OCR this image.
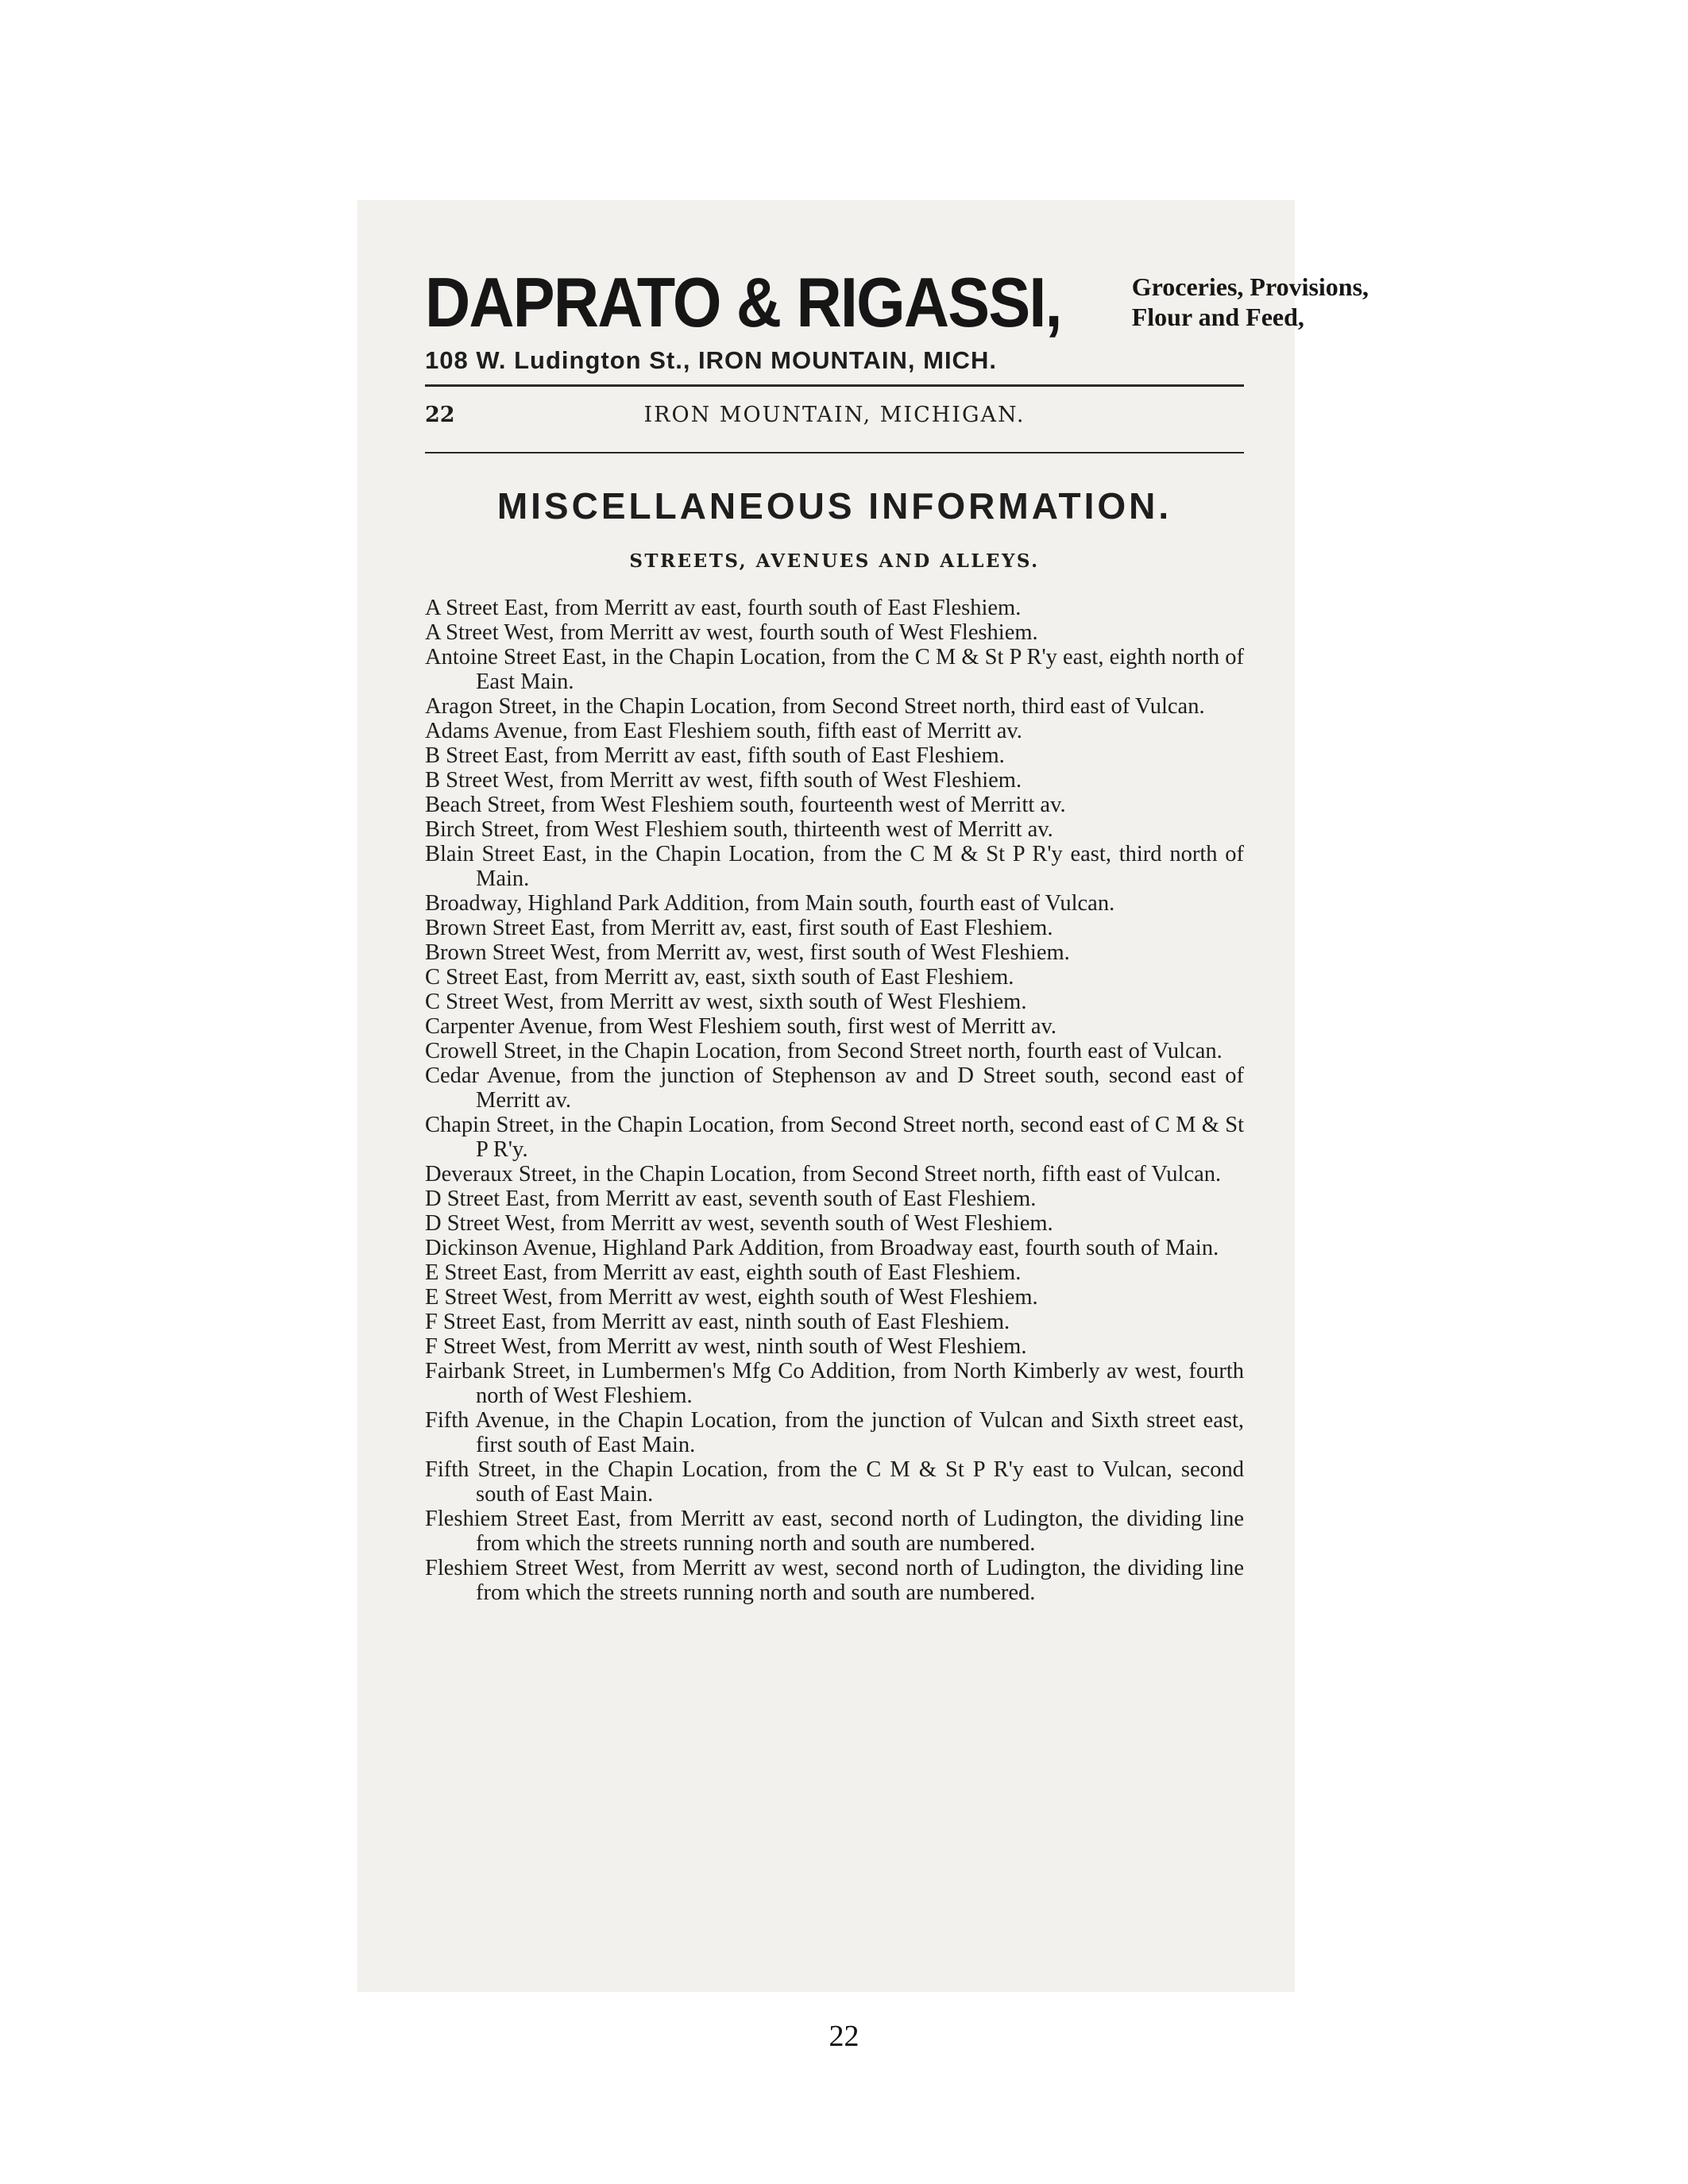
DAPRATO & RIGASSI,	Groceries, Provisions,
Flour and Feed,
108 W. Ludington St., IRON MOUNTAIN, MICH.
22	IRON MOUNTAIN, MICHIGAN.
MISCELLANEOUS INFORMATION.
STREETS, AVENUES AND ALLEYS.
A Street East, from Merritt av east, fourth south of East Fleshiem.
A Street West, from Merritt av west, fourth south of West Fleshiem.
Antoine Street East, in the Chapin Location, from the C M & St P R'y east, eighth north of East Main.
Aragon Street, in the Chapin Location, from Second Street north, third east of Vulcan.
Adams Avenue, from East Fleshiem south, fifth east of Merritt av.
B Street East, from Merritt av east, fifth south of East Fleshiem.
B Street West, from Merritt av west, fifth south of West Fleshiem.
Beach Street, from West Fleshiem south, fourteenth west of Merritt av.
Birch Street, from West Fleshiem south, thirteenth west of Merritt av.
Blain Street East, in the Chapin Location, from the C M & St P R'y east, third north of Main.
Broadway, Highland Park Addition, from Main south, fourth east of Vulcan.
Brown Street East, from Merritt av, east, first south of East Fleshiem.
Brown Street West, from Merritt av, west, first south of West Fleshiem.
C Street East, from Merritt av, east, sixth south of East Fleshiem.
C Street West, from Merritt av west, sixth south of West Fleshiem.
Carpenter Avenue, from West Fleshiem south, first west of Merritt av.
Crowell Street, in the Chapin Location, from Second Street north, fourth east of Vulcan.
Cedar Avenue, from the junction of Stephenson av and D Street south, second east of Merritt av.
Chapin Street, in the Chapin Location, from Second Street north, second east of C M & St P R'y.
Deveraux Street, in the Chapin Location, from Second Street north, fifth east of Vulcan.
D Street East, from Merritt av east, seventh south of East Fleshiem.
D Street West, from Merritt av west, seventh south of West Fleshiem.
Dickinson Avenue, Highland Park Addition, from Broadway east, fourth south of Main.
E Street East, from Merritt av east, eighth south of East Fleshiem.
E Street West, from Merritt av west, eighth south of West Fleshiem.
F Street East, from Merritt av east, ninth south of East Fleshiem.
F Street West, from Merritt av west, ninth south of West Fleshiem.
Fairbank Street, in Lumbermen's Mfg Co Addition, from North Kimberly av west, fourth north of West Fleshiem.
Fifth Avenue, in the Chapin Location, from the junction of Vulcan and Sixth street east, first south of East Main.
Fifth Street, in the Chapin Location, from the C M & St P R'y east to Vulcan, second south of East Main.
Fleshiem Street East, from Merritt av east, second north of Ludington, the dividing line from which the streets running north and south are numbered.
Fleshiem Street West, from Merritt av west, second north of Ludington, the dividing line from which the streets running north and south are numbered.
22
